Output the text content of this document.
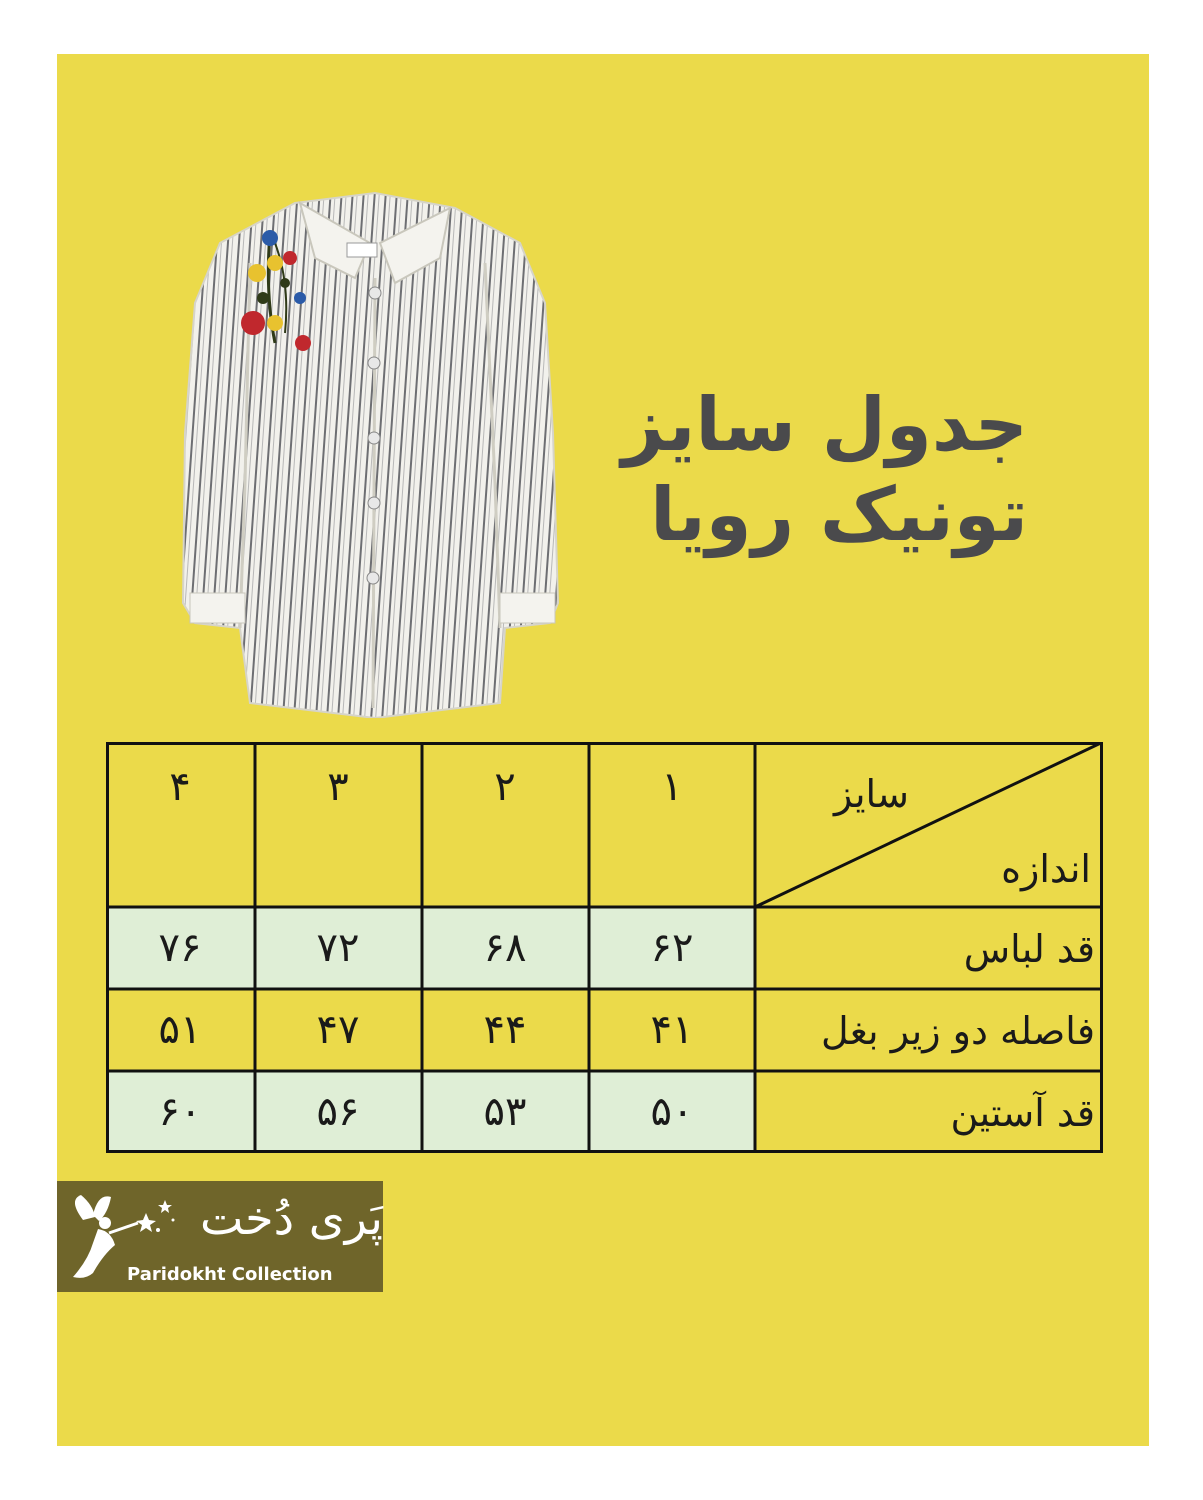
جدول سایز
تونیک رویا
سایز
اندازه
۱
۲
۳
۴
قد لباس
۶۲
۶۸
۷۲
۷۶
فاصله دو زیر بغل
۴۱
۴۴
۴۷
۵۱
قد آستین
۵۰
۵۳
۵۶
۶۰
پَری دُخت
Paridokht Collection
